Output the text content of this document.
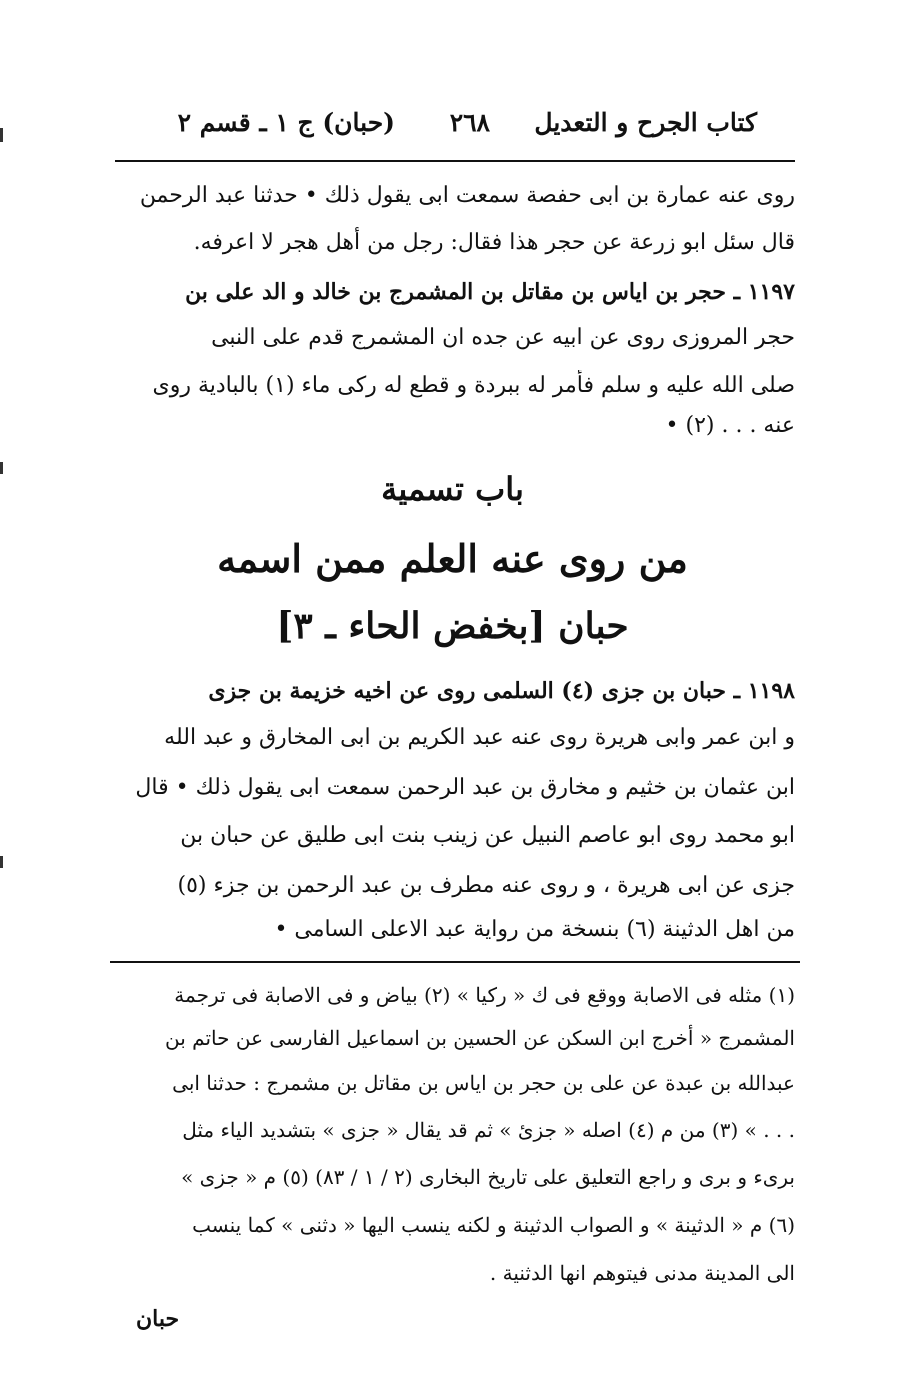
كتاب الجرح و التعديل
٢٦٨
(حبان) ج ١ ـ قسم ٢
روى عنه عمارة بن ابى حفصة سمعت ابى يقول ذلك • حدثنا عبد الرحمن
قال سئل ابو زرعة عن حجر هذا فقال: رجل من أهل هجر لا اعرفه.
١١٩٧ ـ حجر بن اياس بن مقاتل بن المشمرج بن خالد و الد على بن
حجر المروزى روى عن ابيه عن جده ان المشمرج قدم على النبى
صلى الله عليه و سلم فأمر له ببردة و قطع له ركى ماء (١) بالبادية روى
عنه . . . (٢) •
باب تسمية
من روى عنه العلم ممن اسمه
حبان [بخفض الحاء ـ ٣]
١١٩٨ ـ حبان بن جزى (٤) السلمى روى عن اخيه خزيمة بن جزى
و ابن عمر وابى هريرة روى عنه عبد الكريم بن ابى المخارق و عبد الله
ابن عثمان بن خثيم و مخارق بن عبد الرحمن سمعت ابى يقول ذلك • قال
ابو محمد روى ابو عاصم النبيل عن زينب بنت ابى طليق عن حبان بن
جزى عن ابى هريرة ، و روى عنه مطرف بن عبد الرحمن بن جزء (٥)
من اهل الدثينة (٦) بنسخة من رواية عبد الاعلى السامى •
(١) مثله فى الاصابة ووقع فى ك « ركيا » (٢) بياض و فى الاصابة فى ترجمة
المشمرج « أخرج ابن السكن عن الحسين بن اسماعيل الفارسى عن حاتم بن
عبدالله بن عبدة عن على بن حجر بن اياس بن مقاتل بن مشمرج : حدثنا ابى
. . . » (٣) من م (٤) اصله « جزئ » ثم قد يقال « جزى » بتشديد الياء مثل
برىء و برى و راجع التعليق على تاريخ البخارى (٢ / ١ / ٨٣) (٥) م « جزى »
(٦) م « الدثينة » و الصواب الدثينة و لكنه ينسب اليها « دثنى » كما ينسب
الى المدينة مدنى فيتوهم انها الدثنية .
حبان
